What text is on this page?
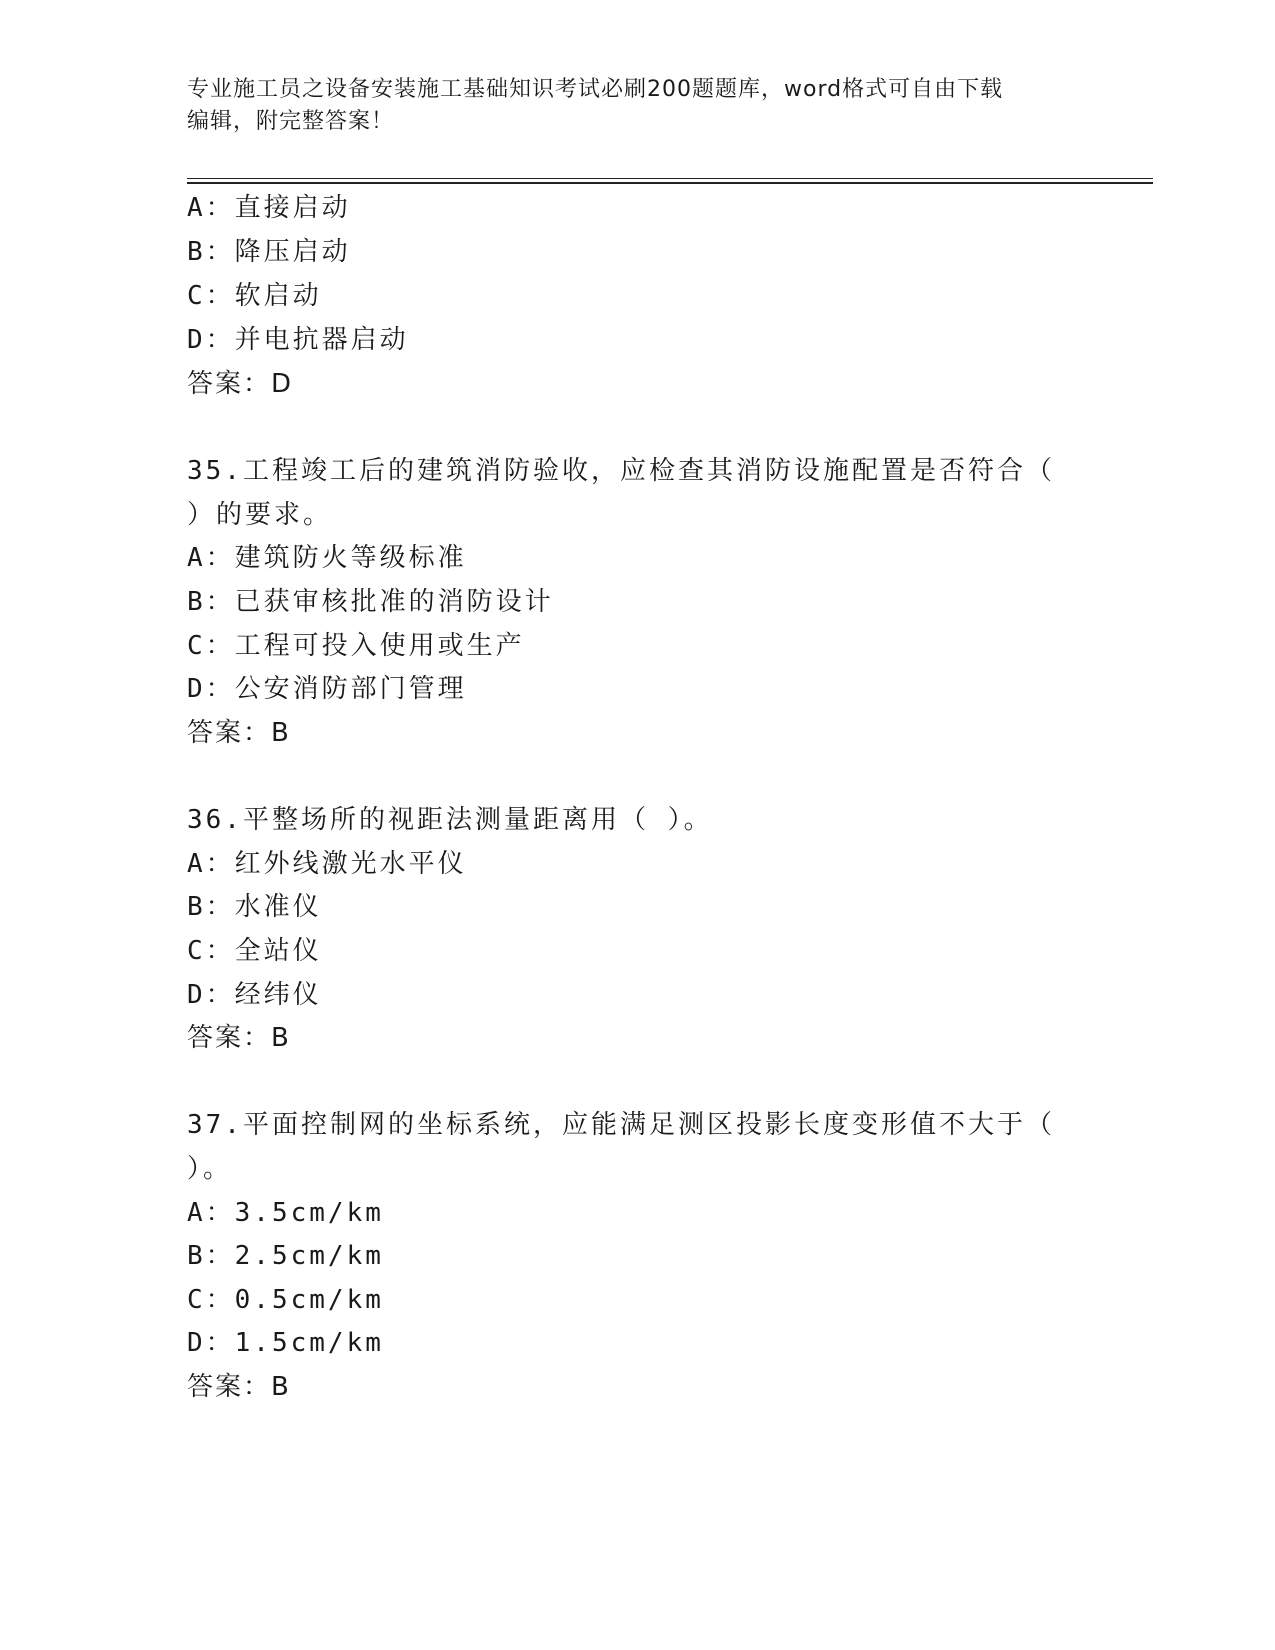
专业施工员之设备安装施工基础知识考试必刷200题题库，word格式可自由下载
编辑，附完整答案！
A：直接启动
B：降压启动
C：软启动
D：并电抗器启动
答案：D
35.工程竣工后的建筑消防验收，应检查其消防设施配置是否符合（
）的要求。
A：建筑防火等级标准
B：已获审核批准的消防设计
C：工程可投入使用或生产
D：公安消防部门管理
答案：B
36.平整场所的视距法测量距离用（ ）。
A：红外线激光水平仪
B：水准仪
C：全站仪
D：经纬仪
答案：B
37.平面控制网的坐标系统，应能满足测区投影长度变形值不大于（
）。
A：3.5cm/km
B：2.5cm/km
C：0.5cm/km
D：1.5cm/km
答案：B
